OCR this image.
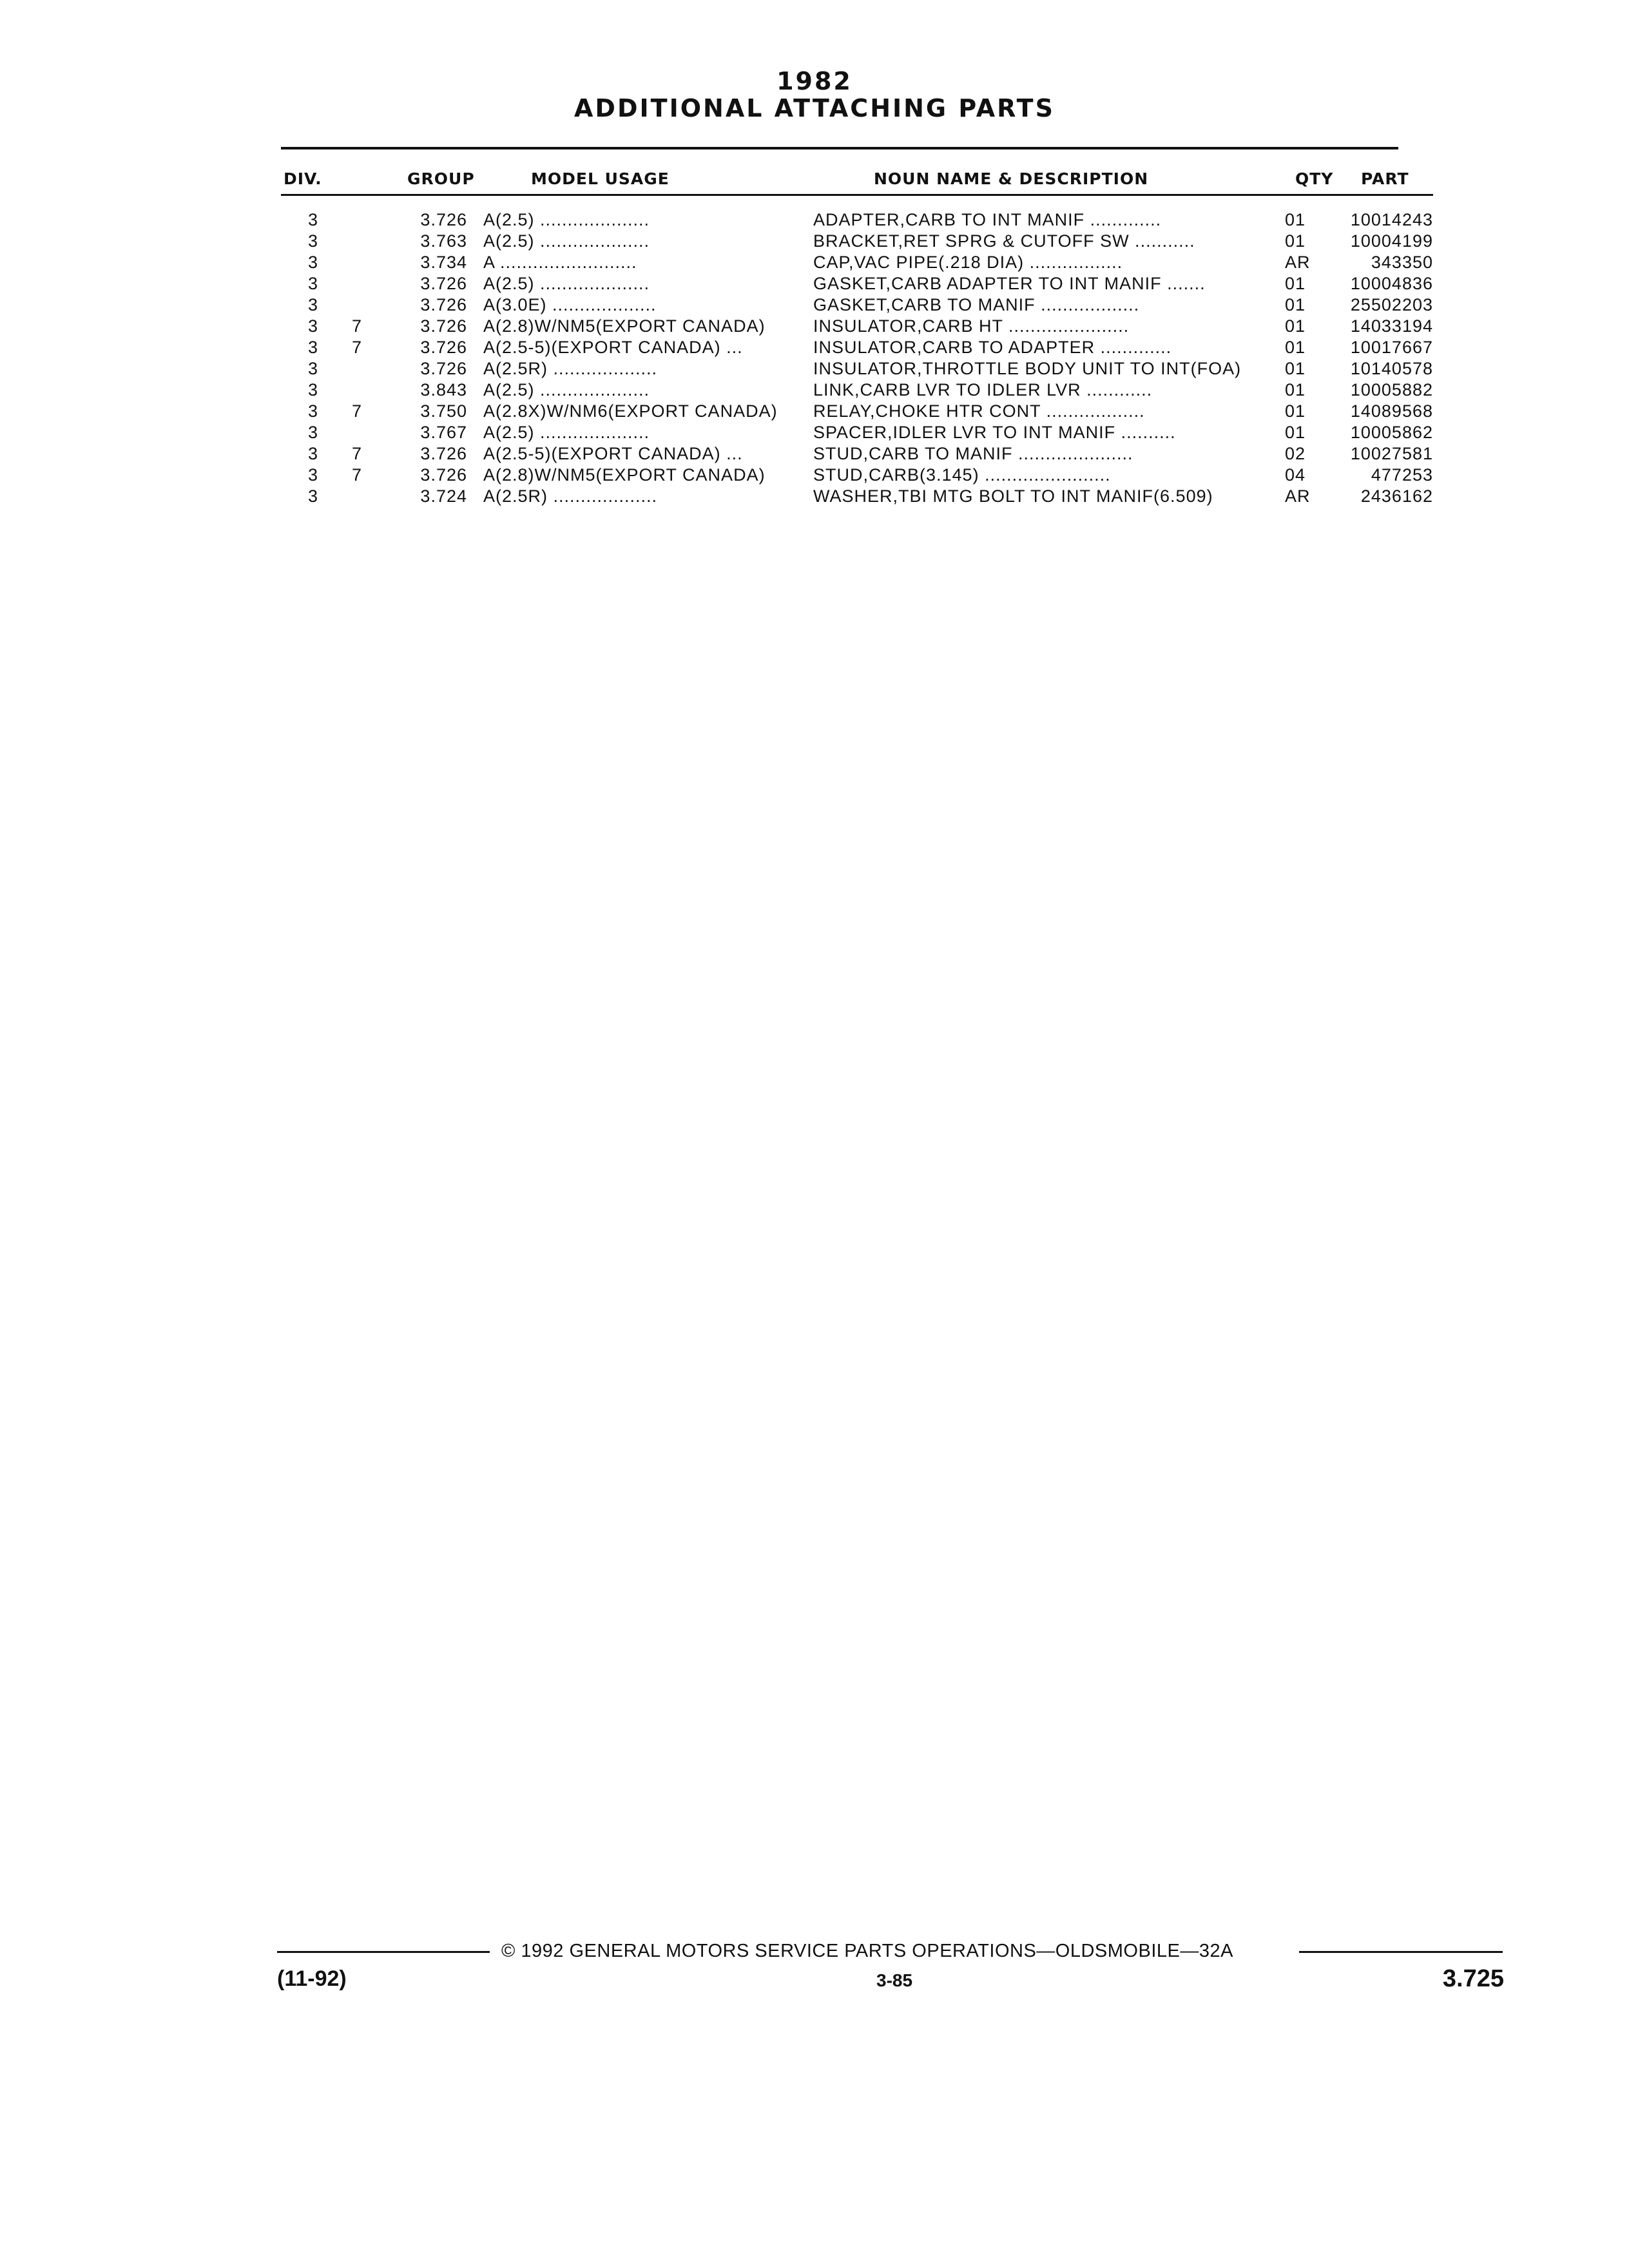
1982
ADDITIONAL ATTACHING PARTS
DIV.	GROUP	MODEL USAGE	NOUN NAME & DESCRIPTION	QTY PART
3	3.726 A(2.5) ....................	ADAPTER,CARB TO INT MANIF .............	01	10014243
3	3.763 A(2.5) ....................	BRACKET,RET SPRG & CUTOFF SW ...........	01	10004199
3	3.734 A .........................	CAP,VAC PIPE(.218 DIA) .................	AR	343350
3	3.726 A(2.5) ....................	GASKET,CARB ADAPTER TO INT MANIF .......	01	10004836
3	3.726 A(3.0E) ...................	GASKET,CARB TO MANIF ..................	01	25502203
3 7	3.726 A(2.8)W/NM5(EXPORT CANADA)	INSULATOR,CARB HT ......................	01	14033194
3 7	3.726 A(2.5-5)(EXPORT CANADA) ...	INSULATOR,CARB TO ADAPTER .............	01	10017667
3	3.726 A(2.5R) ...................	INSULATOR,THROTTLE BODY UNIT TO INT(FOA)	01	10140578
3	3.843 A(2.5) ....................	LINK,CARB LVR TO IDLER LVR ............	01	10005882
3 7	3.750 A(2.8X)W/NM6(EXPORT CANADA)	RELAY,CHOKE HTR CONT ..................	01	14089568
3	3.767 A(2.5) ....................	SPACER,IDLER LVR TO INT MANIF ..........	01	10005862
3 7	3.726 A(2.5-5)(EXPORT CANADA) ...	STUD,CARB TO MANIF .....................	02	10027581
3 7	3.726 A(2.8)W/NM5(EXPORT CANADA)	STUD,CARB(3.145) .......................	04	477253
3	3.724 A(2.5R) ...................	WASHER,TBI MTG BOLT TO INT MANIF(6.509)	AR	2436162
© 1992 GENERAL MOTORS SERVICE PARTS OPERATIONS—OLDSMOBILE—32A
(11-92)	3-85	3.725
